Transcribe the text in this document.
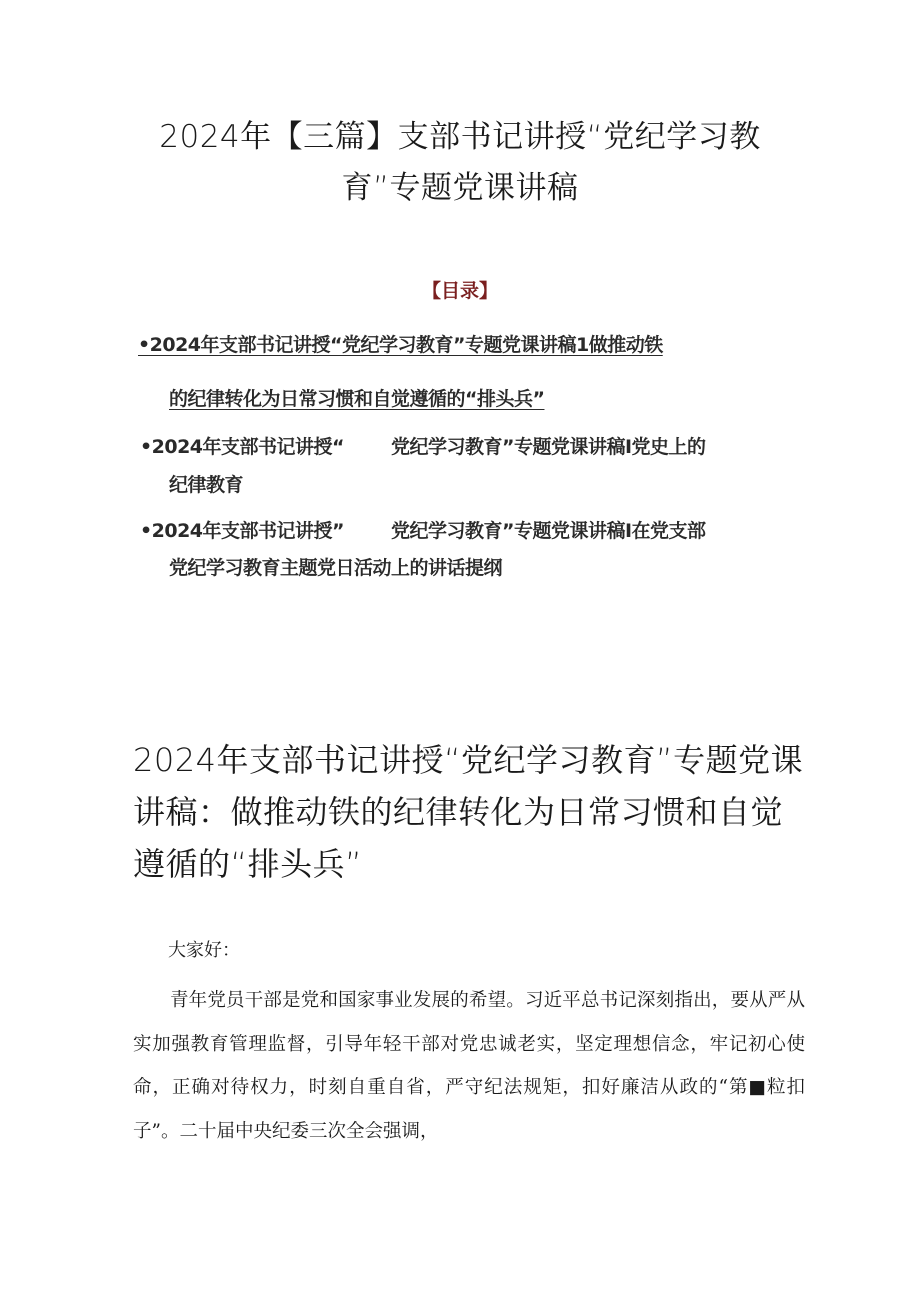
2024年【三篇】支部书记讲授“党纪学习教育”专题党课讲稿
【目录】
•2024年支部书记讲授“党纪学习教育”专题党课讲稿1做推动铁
的纪律转化为日常习惯和自觉遵循的“排头兵”
•2024年支部书记讲授“ 党纪学习教育”专题党课讲稿I党史上的
纪律教育
•2024年支部书记讲授” 党纪学习教育”专题党课讲稿I在党支部
党纪学习教育主题党日活动上的讲话提纲
2024年支部书记讲授“党纪学习教育”专题党课讲稿：做推动铁的纪律转化为日常习惯和自觉遵循的“排头兵”
大家好：
青年党员干部是党和国家事业发展的希望。习近平总书记深刻指出，要从严从实加强教育管理监督，引导年轻干部对党忠诚老实，坚定理想信念，牢记初心使命，正确对待权力，时刻自重自省，严守纪法规矩，扣好廉洁从政的“第■粒扣子”。二十届中央纪委三次全会强调，
